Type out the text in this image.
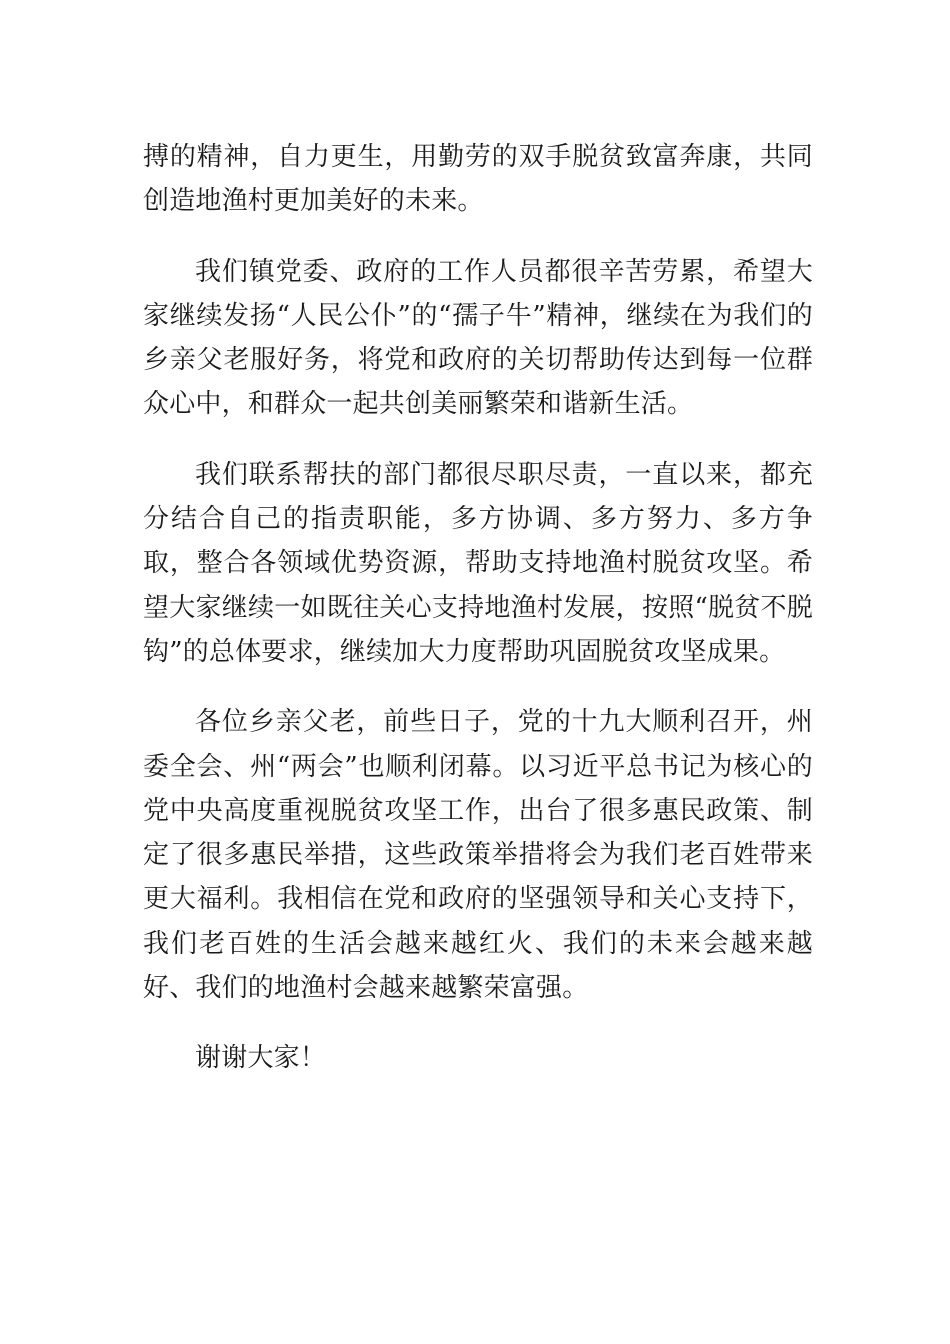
搏的精神，自力更生，用勤劳的双手脱贫致富奔康，共同创造地渔村更加美好的未来。

我们镇党委、政府的工作人员都很辛苦劳累，希望大家继续发扬“人民公仆”的“孺子牛”精神，继续在为我们的乡亲父老服好务，将党和政府的关切帮助传达到每一位群众心中，和群众一起共创美丽繁荣和谐新生活。

我们联系帮扶的部门都很尽职尽责，一直以来，都充分结合自己的指责职能，多方协调、多方努力、多方争取，整合各领域优势资源，帮助支持地渔村脱贫攻坚。希望大家继续一如既往关心支持地渔村发展，按照“脱贫不脱钩”的总体要求，继续加大力度帮助巩固脱贫攻坚成果。

各位乡亲父老，前些日子，党的十九大顺利召开，州委全会、州“两会”也顺利闭幕。以习近平总书记为核心的党中央高度重视脱贫攻坚工作，出台了很多惠民政策、制定了很多惠民举措，这些政策举措将会为我们老百姓带来更大福利。我相信在党和政府的坚强领导和关心支持下，我们老百姓的生活会越来越红火、我们的未来会越来越好、我们的地渔村会越来越繁荣富强。

谢谢大家！
